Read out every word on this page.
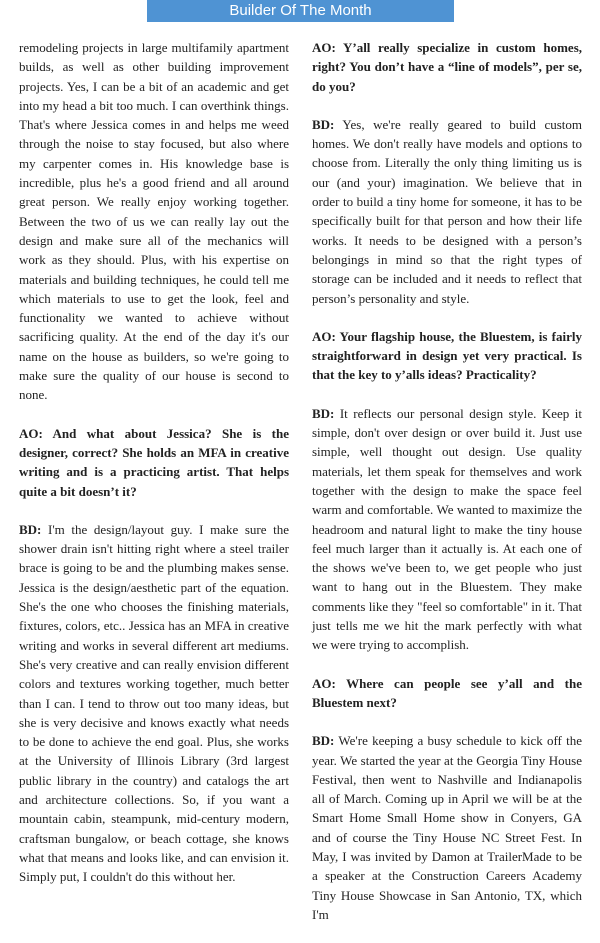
Builder Of The Month

remodeling projects in large multifamily apartment builds, as well as other building improvement projects. Yes, I can be a bit of an academic and get into my head a bit too much. I can overthink things. That's where Jessica comes in and helps me weed through the noise to stay focused, but also where my carpenter comes in. His knowledge base is incredible, plus he's a good friend and all around great person. We really enjoy working together. Between the two of us we can really lay out the design and make sure all of the mechanics will work as they should. Plus, with his expertise on materials and building techniques, he could tell me which materials to use to get the look, feel and functionality we wanted to achieve without sacrificing quality. At the end of the day it's our name on the house as builders, so we're going to make sure the quality of our house is second to none.

AO: And what about Jessica? She is the designer, correct? She holds an MFA in creative writing and is a practicing artist. That helps quite a bit doesn’t it?

BD: I'm the design/layout guy. I make sure the shower drain isn't hitting right where a steel trailer brace is going to be and the plumbing makes sense. Jessica is the design/aesthetic part of the equation. She's the one who chooses the finishing materials, fixtures, colors, etc.. Jessica has an MFA in creative writing and works in several different art mediums. She's very creative and can really envision different colors and textures working together, much better than I can. I tend to throw out too many ideas, but she is very decisive and knows exactly what needs to be done to achieve the end goal. Plus, she works at the University of Illinois Library (3rd largest public library in the country) and catalogs the art and architecture collections. So, if you want a mountain cabin, steampunk, mid-century modern, craftsman bungalow, or beach cottage, she knows what that means and looks like, and can envision it. Simply put, I couldn't do this without her.

AO: Y’all really specialize in custom homes, right? You don’t have a “line of models”, per se, do you?

BD: Yes, we're really geared to build custom homes. We don't really have models and options to choose from. Literally the only thing limiting us is our (and your) imagination. We believe that in order to build a tiny home for someone, it has to be specifically built for that person and how their life works. It needs to be designed with a person’s belongings in mind so that the right types of storage can be included and it needs to reflect that person’s personality and style.

AO: Your flagship house, the Bluestem, is fairly straightforward in design yet very practical. Is that the key to y’alls ideas? Practicality?

BD: It reflects our personal design style. Keep it simple, don't over design or over build it. Just use simple, well thought out design. Use quality materials, let them speak for themselves and work together with the design to make the space feel warm and comfortable. We wanted to maximize the headroom and natural light to make the tiny house feel much larger than it actually is. At each one of the shows we've been to, we get people who just want to hang out in the Bluestem. They make comments like they "feel so comfortable" in it. That just tells me we hit the mark perfectly with what we were trying to accomplish.

AO: Where can people see y’all and the Bluestem next?

BD: We're keeping a busy schedule to kick off the year. We started the year at the Georgia Tiny House Festival, then went to Nashville and Indianapolis all of March. Coming up in April we will be at the Smart Home Small Home show in Conyers, GA and of course the Tiny House NC Street Fest. In May, I was invited by Damon at TrailerMade to be a speaker at the Construction Careers Academy Tiny House Showcase in San Antonio, TX, which I'm
